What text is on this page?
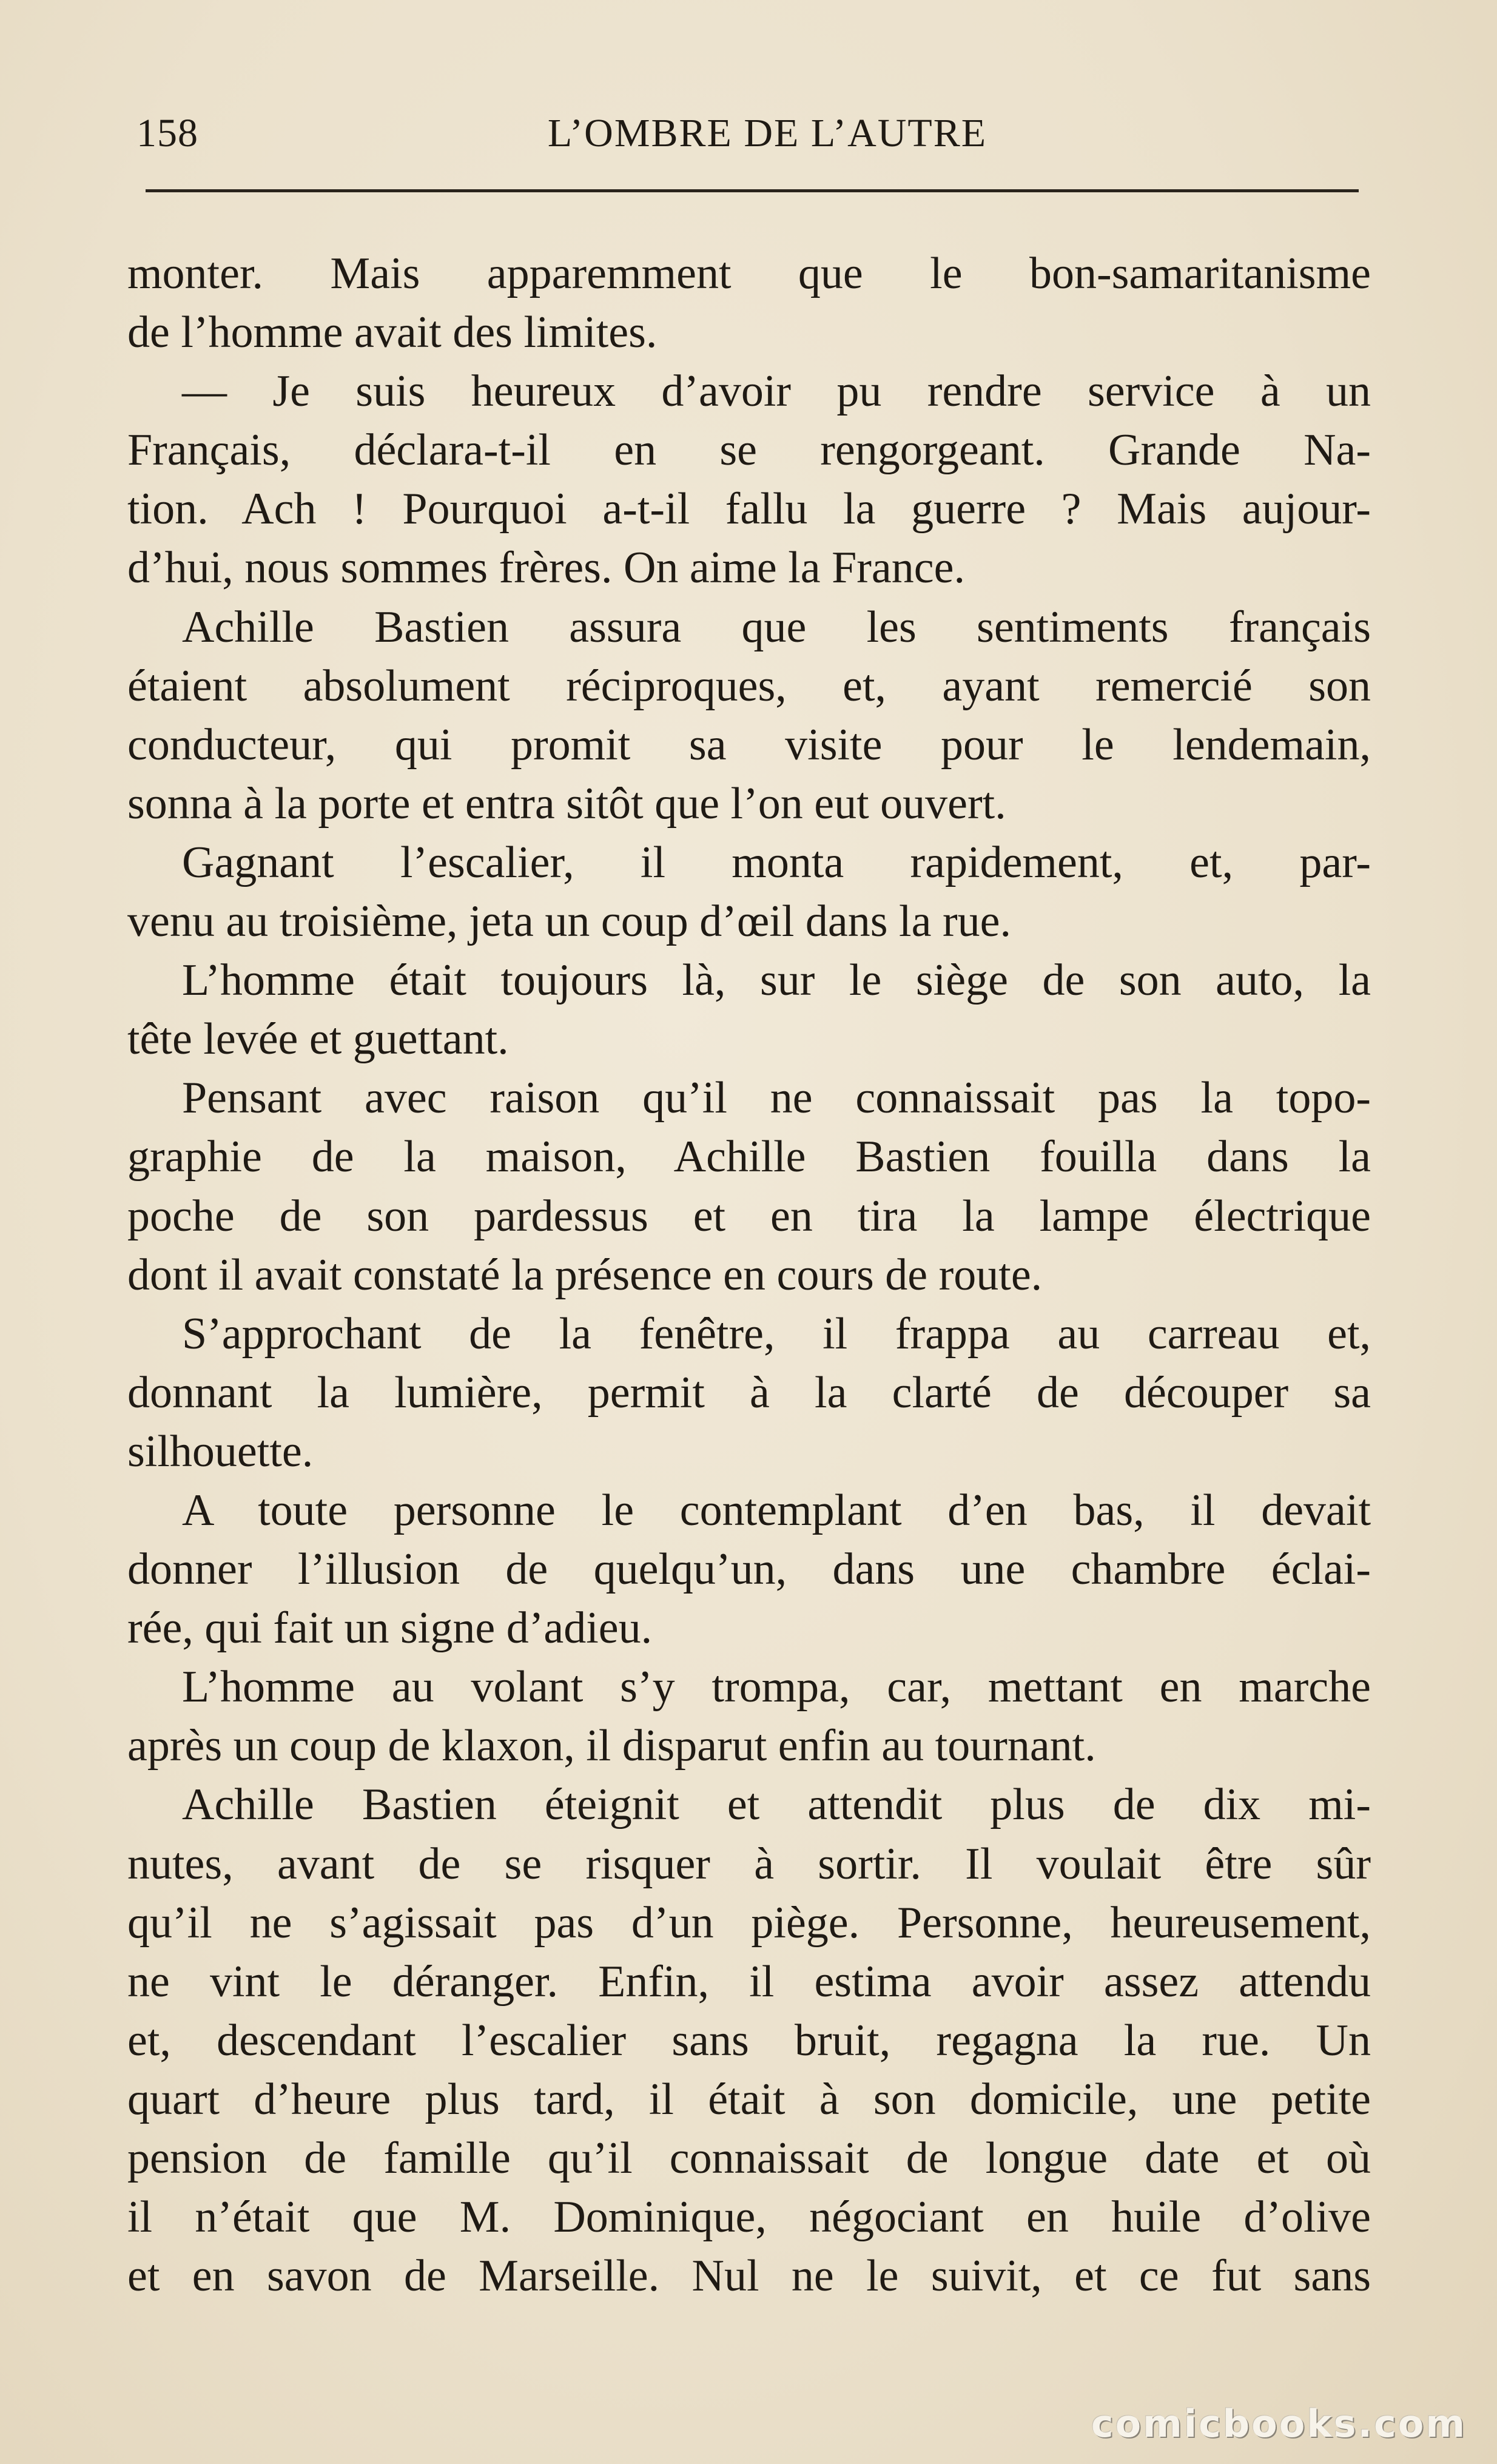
158	L’OMBRE DE L’AUTRE
monter. Mais apparemment que le bon-samaritanisme
de l’homme avait des limites.
— Je suis heureux d’avoir pu rendre service à un
Français, déclara-t-il en se rengorgeant. Grande Na-
tion. Ach ! Pourquoi a-t-il fallu la guerre ? Mais aujour-
d’hui, nous sommes frères. On aime la France.
Achille Bastien assura que les sentiments français
étaient absolument réciproques, et, ayant remercié son
conducteur, qui promit sa visite pour le lendemain,
sonna à la porte et entra sitôt que l’on eut ouvert.
Gagnant l’escalier, il monta rapidement, et, par-
venu au troisième, jeta un coup d’œil dans la rue.
L’homme était toujours là, sur le siège de son auto, la
tête levée et guettant.
Pensant avec raison qu’il ne connaissait pas la topo-
graphie de la maison, Achille Bastien fouilla dans la
poche de son pardessus et en tira la lampe électrique
dont il avait constaté la présence en cours de route.
S’approchant de la fenêtre, il frappa au carreau et,
donnant la lumière, permit à la clarté de découper sa
silhouette.
A toute personne le contemplant d’en bas, il devait
donner l’illusion de quelqu’un, dans une chambre éclai-
rée, qui fait un signe d’adieu.
L’homme au volant s’y trompa, car, mettant en marche
après un coup de klaxon, il disparut enfin au tournant.
Achille Bastien éteignit et attendit plus de dix mi-
nutes, avant de se risquer à sortir. Il voulait être sûr
qu’il ne s’agissait pas d’un piège. Personne, heureusement,
ne vint le déranger. Enfin, il estima avoir assez attendu
et, descendant l’escalier sans bruit, regagna la rue. Un
quart d’heure plus tard, il était à son domicile, une petite
pension de famille qu’il connaissait de longue date et où
il n’était que M. Dominique, négociant en huile d’olive
et en savon de Marseille. Nul ne le suivit, et ce fut sans
comicbooks.com
